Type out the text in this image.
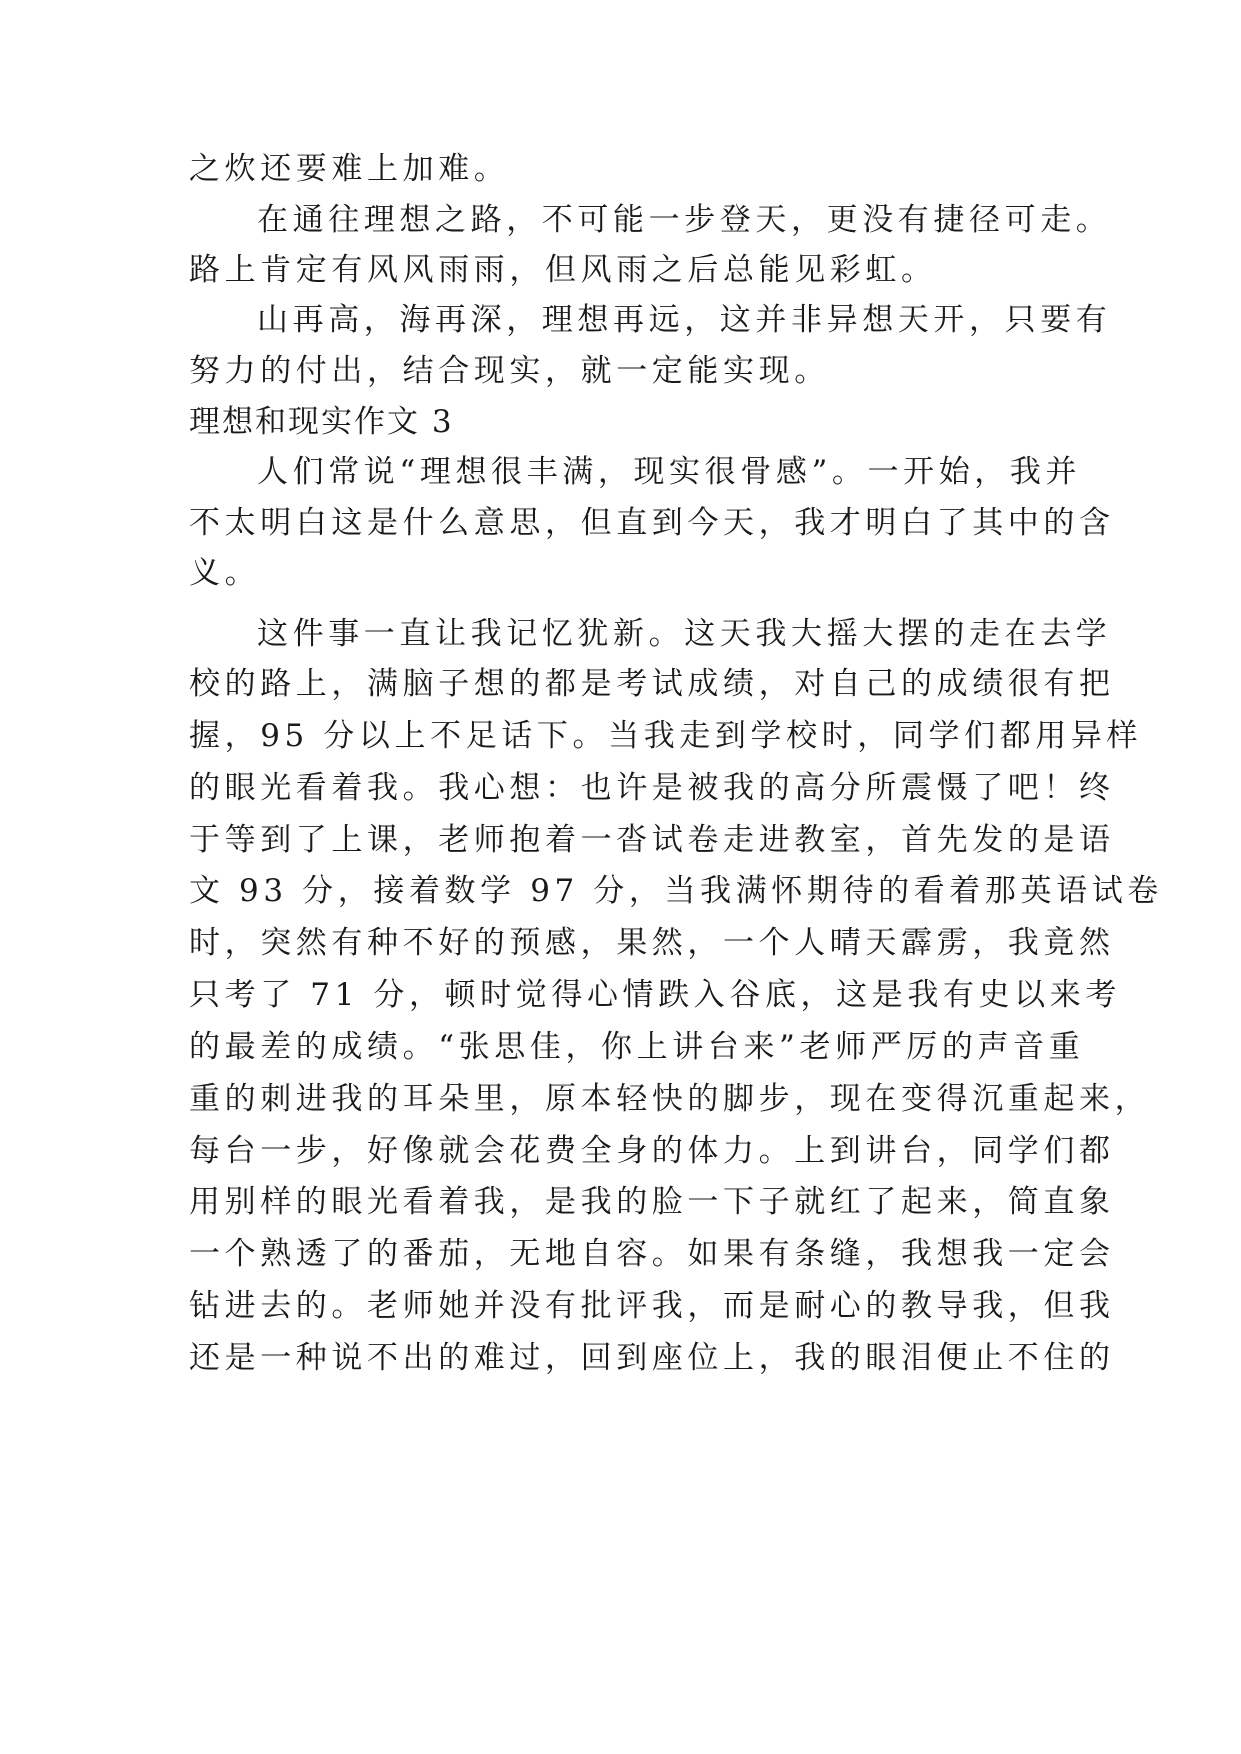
之炊还要难上加难。
在通往理想之路，不可能一步登天，更没有捷径可走。
路上肯定有风风雨雨，但风雨之后总能见彩虹。
山再高，海再深，理想再远，这并非异想天开，只要有
努力的付出，结合现实，就一定能实现。
理想和现实作文 3
人们常说“理想很丰满，现实很骨感”。一开始，我并
不太明白这是什么意思，但直到今天，我才明白了其中的含
义。
这件事一直让我记忆犹新。这天我大摇大摆的走在去学
校的路上，满脑子想的都是考试成绩，对自己的成绩很有把
握，95 分以上不足话下。当我走到学校时，同学们都用异样
的眼光看着我。我心想：也许是被我的高分所震慑了吧！终
于等到了上课，老师抱着一沓试卷走进教室，首先发的是语
文 93 分，接着数学 97 分，当我满怀期待的看着那英语试卷
时，突然有种不好的预感，果然，一个人晴天霹雳，我竟然
只考了 71 分，顿时觉得心情跌入谷底，这是我有史以来考
的最差的成绩。“张思佳，你上讲台来”老师严厉的声音重
重的刺进我的耳朵里，原本轻快的脚步，现在变得沉重起来，
每台一步，好像就会花费全身的体力。上到讲台，同学们都
用别样的眼光看着我，是我的脸一下子就红了起来，简直象
一个熟透了的番茄，无地自容。如果有条缝，我想我一定会
钻进去的。老师她并没有批评我，而是耐心的教导我，但我
还是一种说不出的难过，回到座位上，我的眼泪便止不住的
